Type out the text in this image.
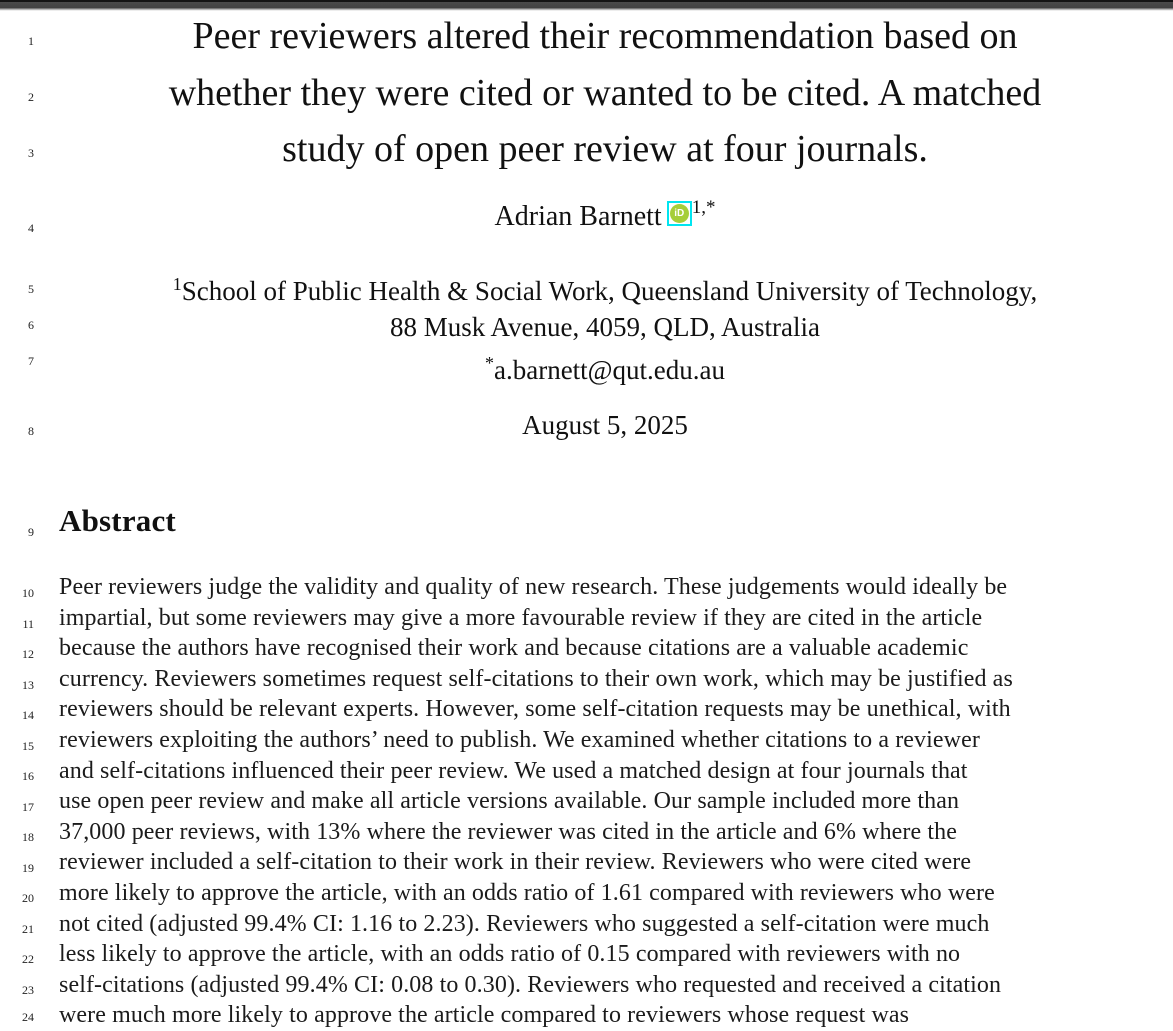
1
2
3
4
5
6
7
8
9
10
11
12
13
14
15
16
17
18
19
20
21
22
23
24
Peer reviewers altered their recommendation based on
whether they were cited or wanted to be cited. A matched
study of open peer review at four journals.
Adrian Barnett iD 1,*
$^1$School of Public Health & Social Work, Queensland University of Technology,
88 Musk Avenue, 4059, QLD, Australia
*a.barnett@qut.edu.au
August 5, 2025
Abstract
Peer reviewers judge the validity and quality of new research. These judgements would ideally be
impartial, but some reviewers may give a more favourable review if they are cited in the article
because the authors have recognised their work and because citations are a valuable academic
currency. Reviewers sometimes request self-citations to their own work, which may be justified as
reviewers should be relevant experts. However, some self-citation requests may be unethical, with
reviewers exploiting the authors’ need to publish. We examined whether citations to a reviewer
and self-citations influenced their peer review. We used a matched design at four journals that
use open peer review and make all article versions available. Our sample included more than
37,000 peer reviews, with 13% where the reviewer was cited in the article and 6% where the
reviewer included a self-citation to their work in their review. Reviewers who were cited were
more likely to approve the article, with an odds ratio of 1.61 compared with reviewers who were
not cited (adjusted 99.4% CI: 1.16 to 2.23). Reviewers who suggested a self-citation were much
less likely to approve the article, with an odds ratio of 0.15 compared with reviewers with no
self-citations (adjusted 99.4% CI: 0.08 to 0.30). Reviewers who requested and received a citation
were much more likely to approve the article compared to reviewers whose request was
